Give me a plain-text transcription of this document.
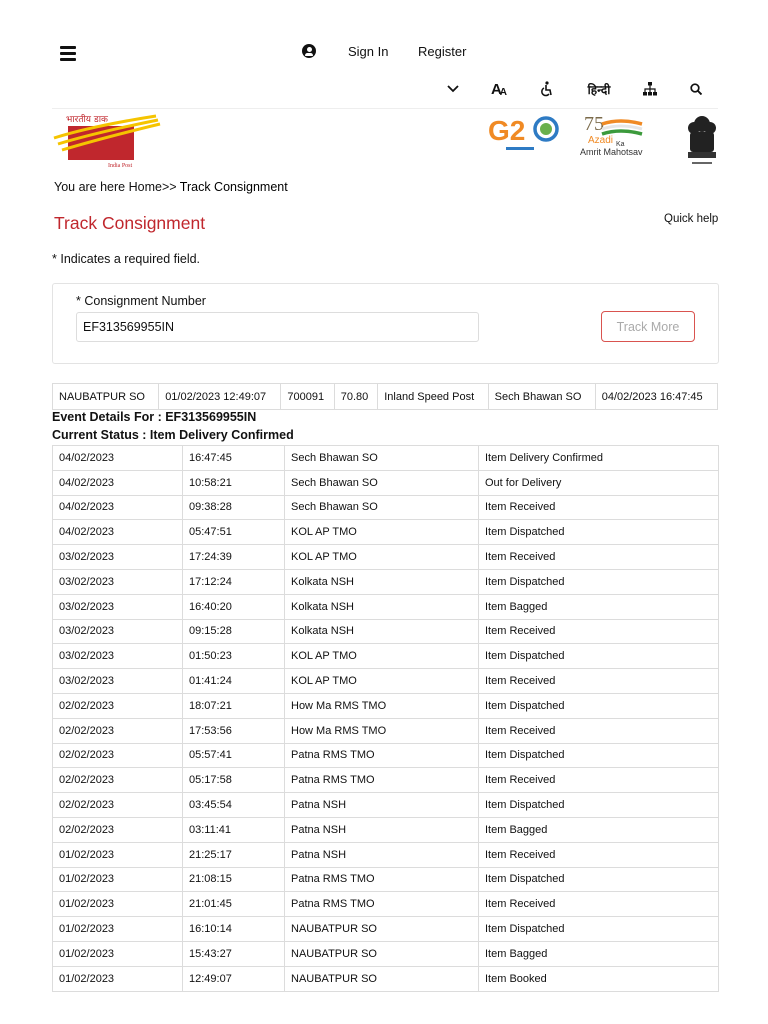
Sign In Register
A
A	हिन्दी
भारतीय डाक
India Post
G2	75
Azadi Ka
Amrit Mahotsav
You are here Home>> Track Consignment
Track Consignment	Quick help
* Indicates a required field.
* Consignment Number
EF313569955IN
Track More
NAUBATPUR SO	01/02/2023 12:49:07	700091	70.80	Inland Speed Post	Sech Bhawan SO	04/02/2023 16:47:45
Event Details For : EF313569955IN
Current Status : Item Delivery Confirmed
04/02/2023	16:47:45	Sech Bhawan SO	Item Delivery Confirmed
04/02/2023	10:58:21	Sech Bhawan SO	Out for Delivery
04/02/2023	09:38:28	Sech Bhawan SO	Item Received
04/02/2023	05:47:51	KOL AP TMO	Item Dispatched
03/02/2023	17:24:39	KOL AP TMO	Item Received
03/02/2023	17:12:24	Kolkata NSH	Item Dispatched
03/02/2023	16:40:20	Kolkata NSH	Item Bagged
03/02/2023	09:15:28	Kolkata NSH	Item Received
03/02/2023	01:50:23	KOL AP TMO	Item Dispatched
03/02/2023	01:41:24	KOL AP TMO	Item Received
02/02/2023	18:07:21	How Ma RMS TMO	Item Dispatched
02/02/2023	17:53:56	How Ma RMS TMO	Item Received
02/02/2023	05:57:41	Patna RMS TMO	Item Dispatched
02/02/2023	05:17:58	Patna RMS TMO	Item Received
02/02/2023	03:45:54	Patna NSH	Item Dispatched
02/02/2023	03:11:41	Patna NSH	Item Bagged
01/02/2023	21:25:17	Patna NSH	Item Received
01/02/2023	21:08:15	Patna RMS TMO	Item Dispatched
01/02/2023	21:01:45	Patna RMS TMO	Item Received
01/02/2023	16:10:14	NAUBATPUR SO	Item Dispatched
01/02/2023	15:43:27	NAUBATPUR SO	Item Bagged
01/02/2023	12:49:07	NAUBATPUR SO	Item Booked
